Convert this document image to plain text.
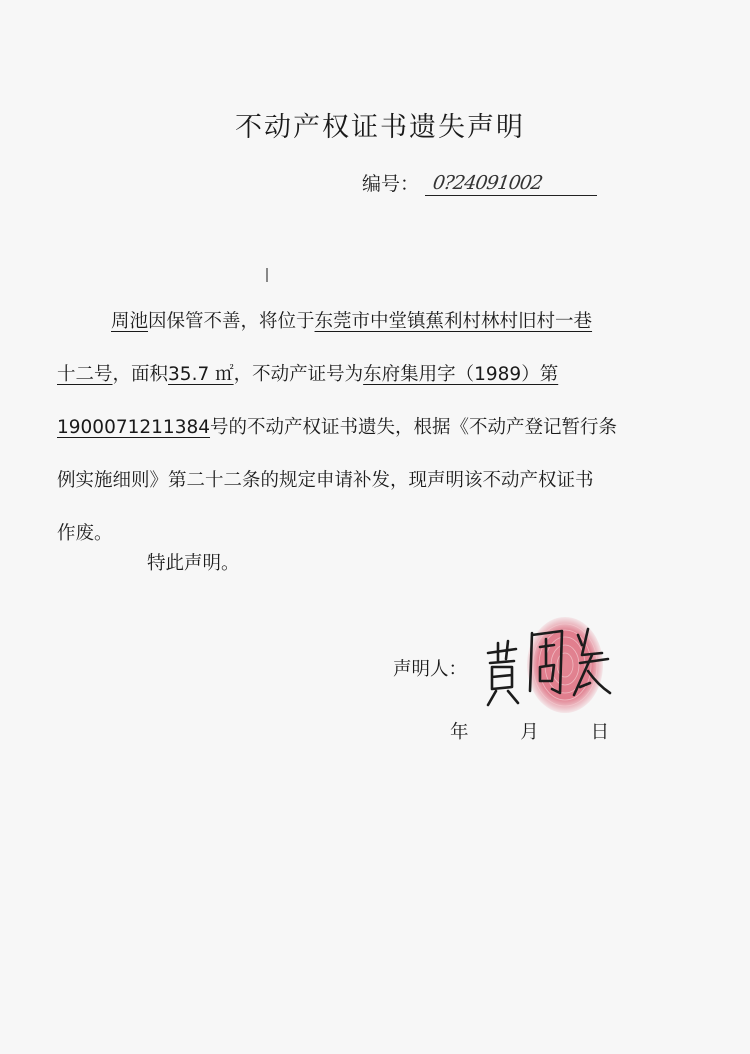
不动产权证书遗失声明
编号： 0?24091002
周池因保管不善，将位于东莞市中堂镇蕉利村林村旧村一巷
十二号，面积35.7 ㎡，不动产证号为东府集用字（1989）第
1900071211384号的不动产权证书遗失，根据《不动产登记暂行条
例实施细则》第二十二条的规定申请补发，现声明该不动产权证书
作废。
特此声明。
声明人：
年	月	日
